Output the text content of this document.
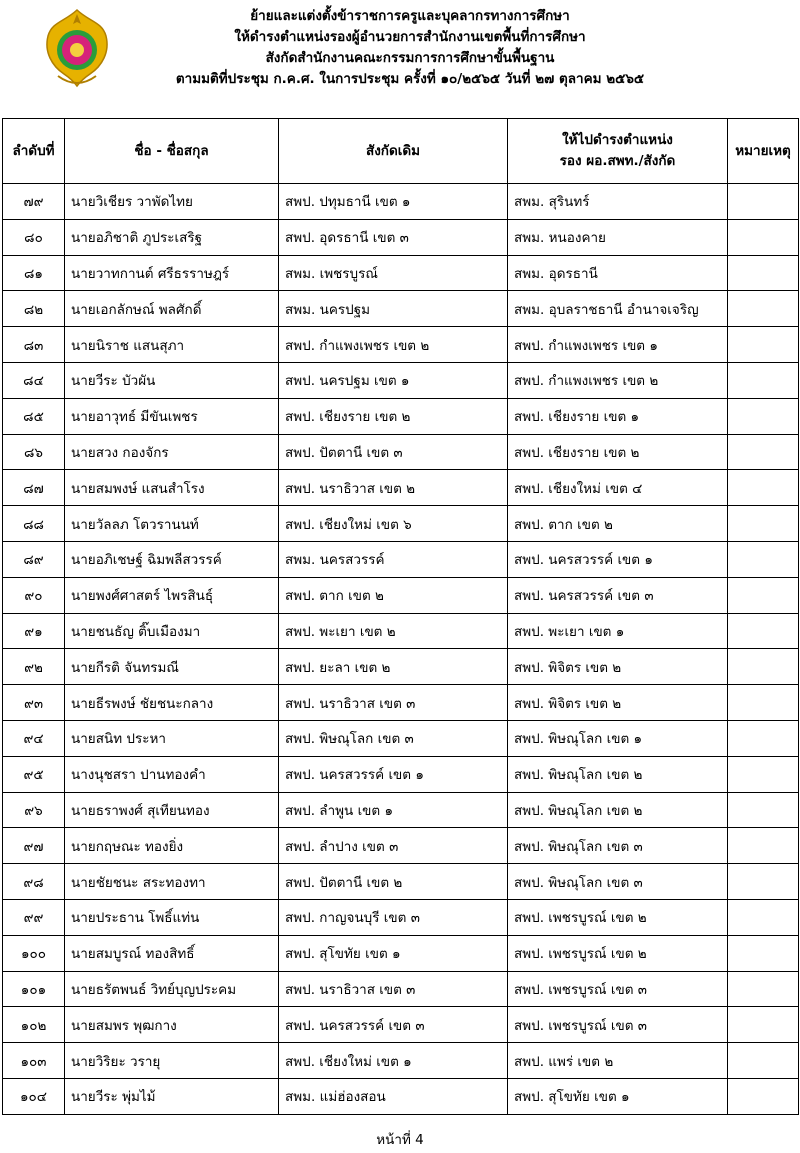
ย้ายและแต่งตั้งข้าราชการครูและบุคลากรทางการศึกษา
ให้ดำรงตำแหน่งรองผู้อำนวยการสำนักงานเขตพื้นที่การศึกษา
สังกัดสำนักงานคณะกรรมการการศึกษาขั้นพื้นฐาน
ตามมติที่ประชุม ก.ค.ศ. ในการประชุม ครั้งที่ ๑๐/๒๕๖๕ วันที่ ๒๗ ตุลาคม ๒๕๖๕
ลำดับที่	ชื่อ - ชื่อสกุล	สังกัดเดิม	ให้ไปดำรงตำแหน่ง
รอง ผอ.สพท./สังกัด	หมายเหตุ
๗๙	นายวิเชียร วาพัดไทย	สพป. ปทุมธานี เขต ๑	สพม. สุรินทร์	
๘๐	นายอภิชาติ ภูประเสริฐ	สพป. อุดรธานี เขต ๓	สพม. หนองคาย	
๘๑	นายวาทกานต์ ศรีธรราษฎร์	สพม. เพชรบูรณ์	สพม. อุดรธานี	
๘๒	นายเอกลักษณ์ พลศักดิ์	สพม. นครปฐม	สพม. อุบลราชธานี อำนาจเจริญ	
๘๓	นายนิราช แสนสุภา	สพป. กำแพงเพชร เขต ๒	สพป. กำแพงเพชร เขต ๑	
๘๔	นายวีระ บัวผัน	สพป. นครปฐม เขต ๑	สพป. กำแพงเพชร เขต ๒	
๘๕	นายอาวุทธ์ มีขันเพชร	สพป. เชียงราย เขต ๒	สพป. เชียงราย เขต ๑	
๘๖	นายสวง กองจักร	สพป. ปัตตานี เขต ๓	สพป. เชียงราย เขต ๒	
๘๗	นายสมพงษ์ แสนสำโรง	สพป. นราธิวาส เขต ๒	สพป. เชียงใหม่ เขต ๔	
๘๘	นายวัลลภ โตวรานนท์	สพป. เชียงใหม่ เขต ๖	สพป. ตาก เขต ๒	
๘๙	นายอภิเชษฐ์ ฉิมพลีสวรรค์	สพม. นครสวรรค์	สพป. นครสวรรค์ เขต ๑	
๙๐	นายพงศ์ศาสตร์ ไพรสินธุ์	สพป. ตาก เขต ๒	สพป. นครสวรรค์ เขต ๓	
๙๑	นายชนธัญ ติ๊บเมืองมา	สพป. พะเยา เขต ๒	สพป. พะเยา เขต ๑	
๙๒	นายกีรติ จันทรมณี	สพป. ยะลา เขต ๒	สพป. พิจิตร เขต ๒	
๙๓	นายธีรพงษ์ ชัยชนะกลาง	สพป. นราธิวาส เขต ๓	สพป. พิจิตร เขต ๒	
๙๔	นายสนิท ประหา	สพป. พิษณุโลก เขต ๓	สพป. พิษณุโลก เขต ๑	
๙๕	นางนุชสรา ปานทองคำ	สพป. นครสวรรค์ เขต ๑	สพป. พิษณุโลก เขต ๒	
๙๖	นายธราพงศ์ สุเทียนทอง	สพป. ลำพูน เขต ๑	สพป. พิษณุโลก เขต ๒	
๙๗	นายกฤษณะ ทองยิ่ง	สพป. ลำปาง เขต ๓	สพป. พิษณุโลก เขต ๓	
๙๘	นายชัยชนะ สระทองทา	สพป. ปัตตานี เขต ๒	สพป. พิษณุโลก เขต ๓	
๙๙	นายประธาน โพธิ์แท่น	สพป. กาญจนบุรี เขต ๓	สพป. เพชรบูรณ์ เขต ๒	
๑๐๐	นายสมบูรณ์ ทองสิทธิ์	สพป. สุโขทัย เขต ๑	สพป. เพชรบูรณ์ เขต ๒	
๑๐๑	นายธรัตพนธ์ วิทย์บุญประคม	สพป. นราธิวาส เขต ๓	สพป. เพชรบูรณ์ เขต ๓	
๑๐๒	นายสมพร พุฒกาง	สพป. นครสวรรค์ เขต ๓	สพป. เพชรบูรณ์ เขต ๓	
๑๐๓	นายวิริยะ วรายุ	สพป. เชียงใหม่ เขต ๑	สพป. แพร่ เขต ๒	
๑๐๔	นายวีระ พุ่มไม้	สพม. แม่ฮ่องสอน	สพป. สุโขทัย เขต ๑	
หน้าที่ 4
